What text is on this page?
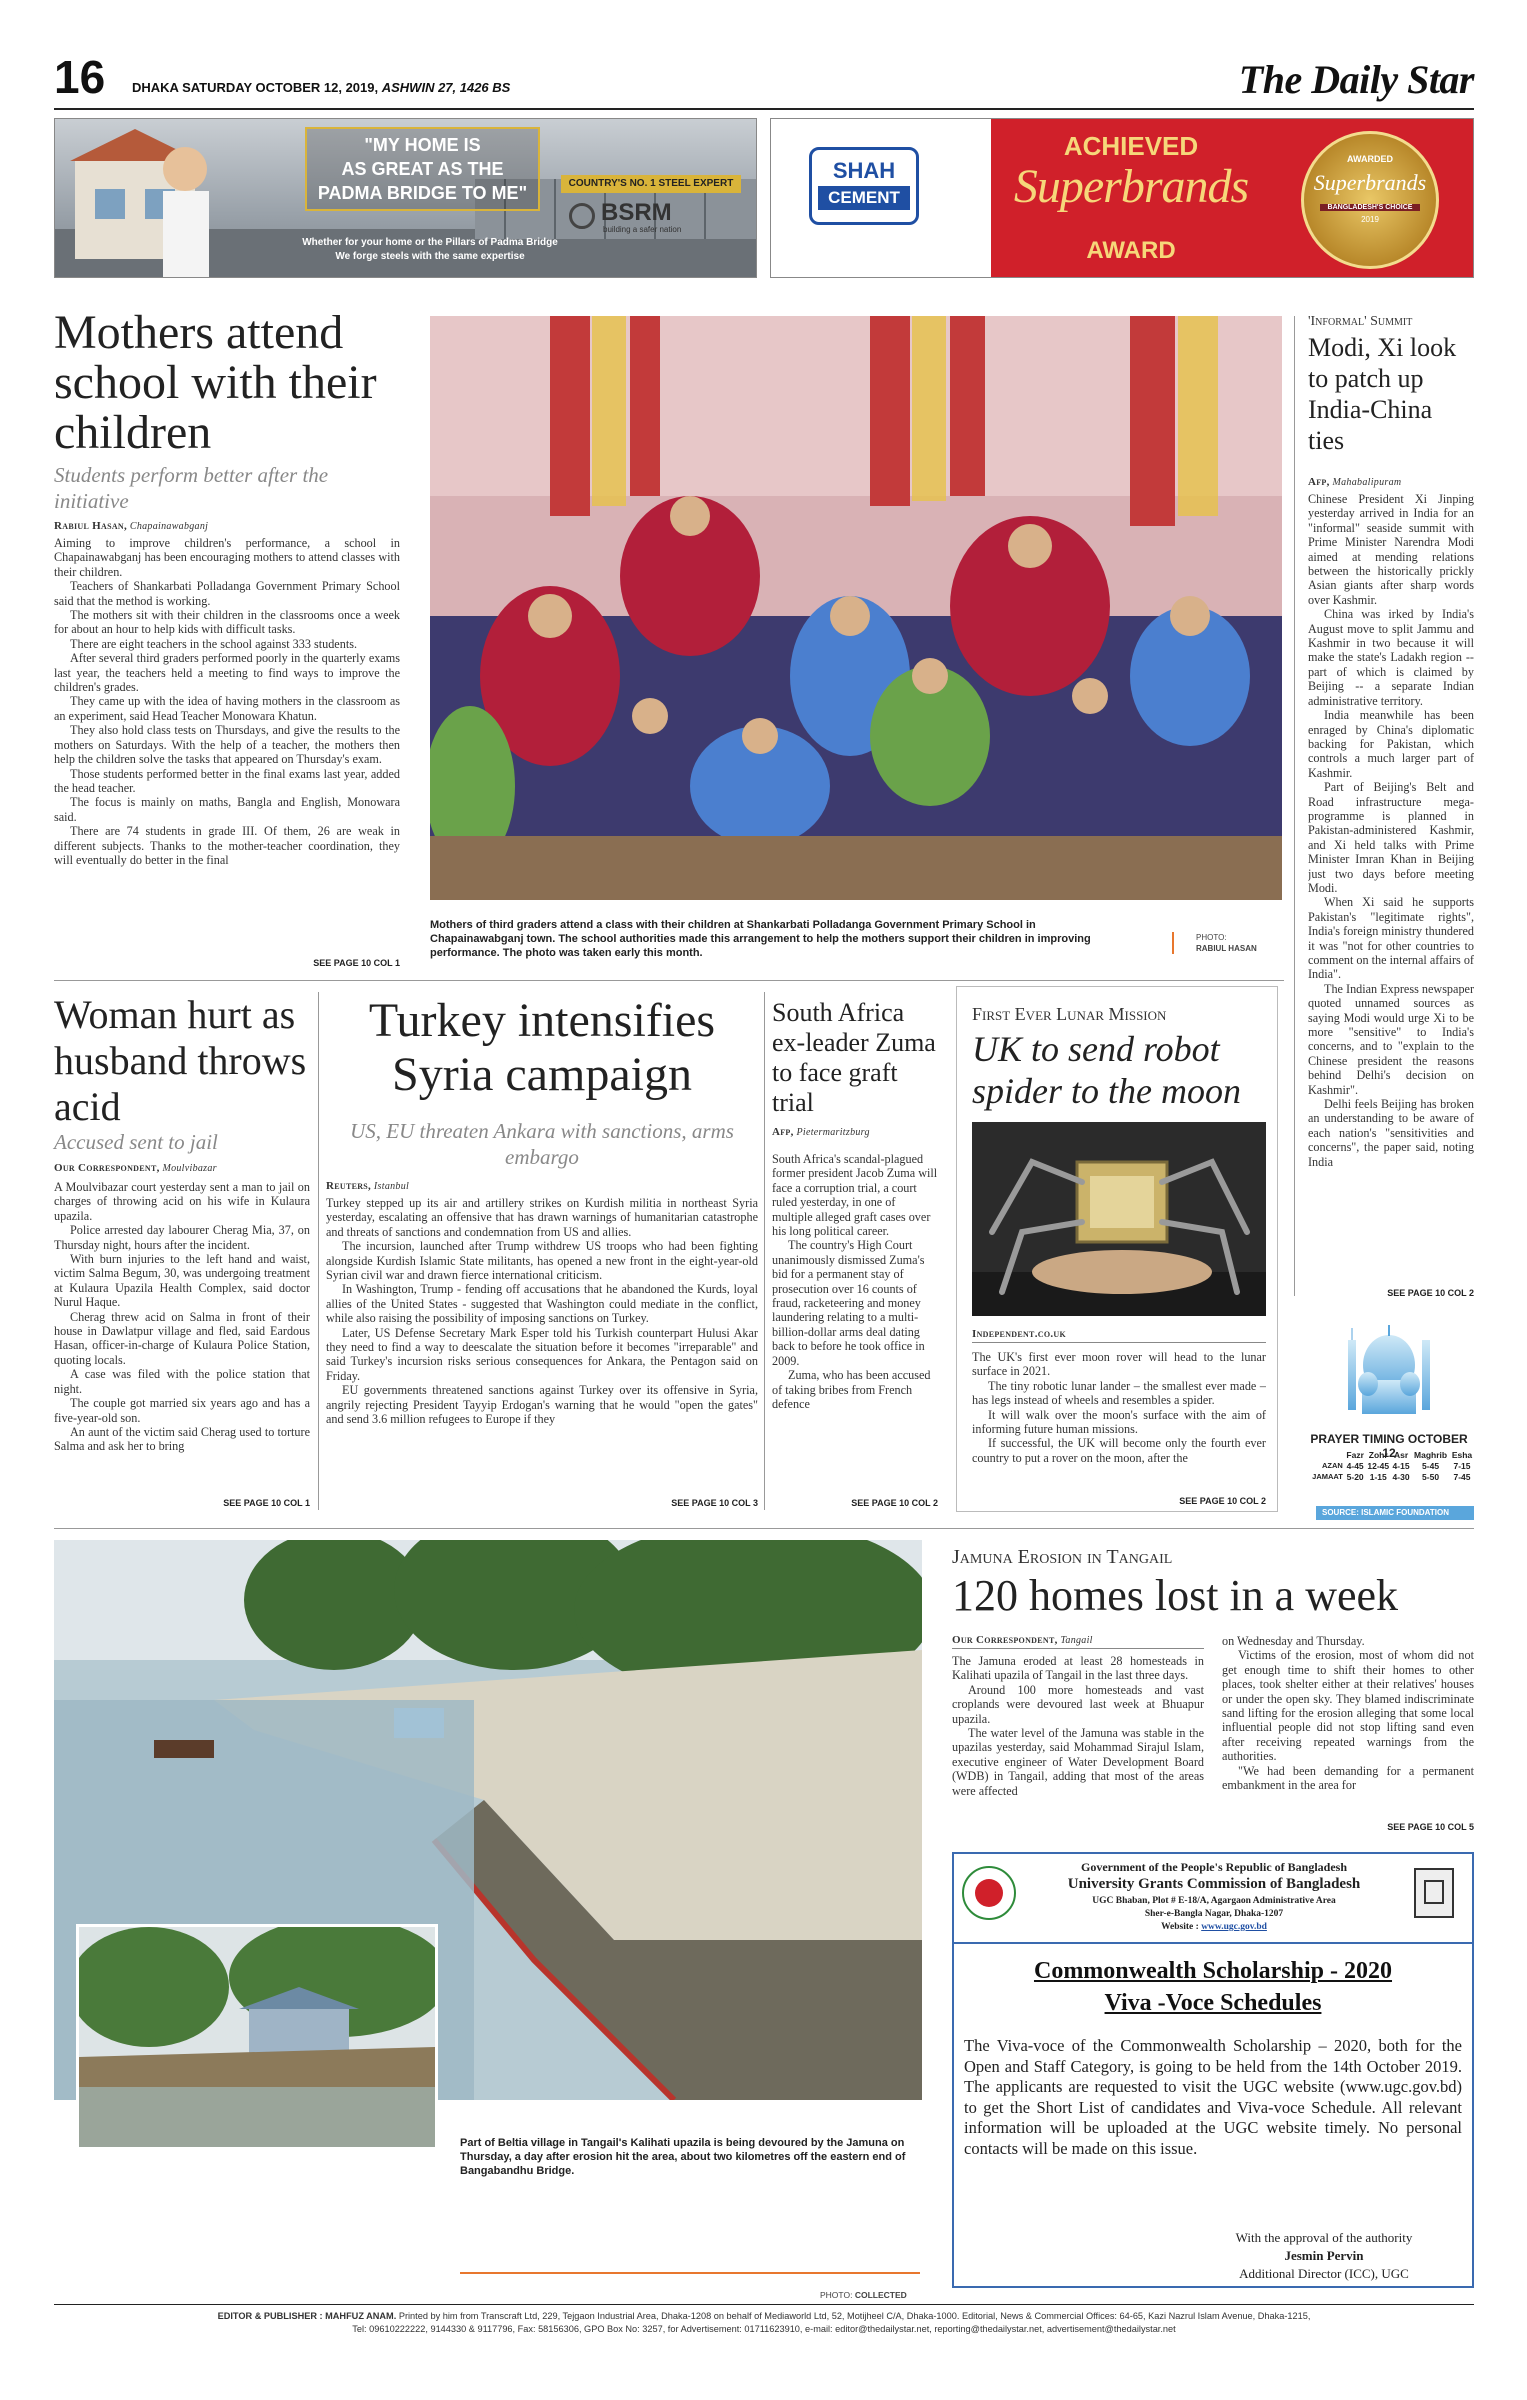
16 DHAKA SATURDAY OCTOBER 12, 2019, ASHWIN 27, 1426 BS	The Daily Star
"MY HOME IS
AS GREAT AS THE
PADMA BRIDGE TO ME"	COUNTRY'S NO. 1 STEEL EXPERT
BSRM
building a safer nation
Whether for your home or the Pillars of Padma Bridge
We forge steels with the same expertise
SHAH
CEMENT
ACHIEVED
Superbrands
AWARD
AWARDED
Superbrands
BANGLADESH'S CHOICE
2019
Mothers attend school with their children
Students perform better after the initiative
Rabiul Hasan, Chapainawabganj

Aiming to improve children's performance, a school in Chapainawabganj has been encouraging mothers to attend classes with their children.

Teachers of Shankarbati Polladanga Government Primary School said that the method is working.

The mothers sit with their children in the classrooms once a week for about an hour to help kids with difficult tasks.

There are eight teachers in the school against 333 students.

After several third graders performed poorly in the quarterly exams last year, the teachers held a meeting to find ways to improve the children's grades.

They came up with the idea of having mothers in the classroom as an experiment, said Head Teacher Monowara Khatun.

They also hold class tests on Thursdays, and give the results to the mothers on Saturdays. With the help of a teacher, the mothers then help the children solve the tasks that appeared on Thursday's exam.

Those students performed better in the final exams last year, added the head teacher.

The focus is mainly on maths, Bangla and English, Monowara said.

There are 74 students in grade III. Of them, 26 are weak in different subjects. Thanks to the mother-teacher coordination, they will eventually do better in the final

SEE PAGE 10 COL 1
Mothers of third graders attend a class with their children at Shankarbati Polladanga Government Primary School in Chapainawabganj town. The school authorities made this arrangement to help the mothers support their children in improving performance. The photo was taken early this month.
PHOTO:
RABIUL HASAN
'Informal' Summit
Modi, Xi look to patch up India-China ties
Afp, Mahabalipuram

Chinese President Xi Jinping yesterday arrived in India for an "informal" seaside summit with Prime Minister Narendra Modi aimed at mending relations between the historically prickly Asian giants after sharp words over Kashmir.

China was irked by India's August move to split Jammu and Kashmir in two because it will make the state's Ladakh region -- part of which is claimed by Beijing -- a separate Indian administrative territory.

India meanwhile has been enraged by China's diplomatic backing for Pakistan, which controls a much larger part of Kashmir.

Part of Beijing's Belt and Road infrastructure mega-programme is planned in Pakistan-administered Kashmir, and Xi held talks with Prime Minister Imran Khan in Beijing just two days before meeting Modi.

When Xi said he supports Pakistan's "legitimate rights", India's foreign ministry thundered it was "not for other countries to comment on the internal affairs of India".

The Indian Express newspaper quoted unnamed sources as saying Modi would urge Xi to be more "sensitive" to India's concerns, and to "explain to the Chinese president the reasons behind Delhi's decision on Kashmir".

Delhi feels Beijing has broken an understanding to be aware of each nation's "sensitivities and concerns", the paper said, noting India

SEE PAGE 10 COL 2
Woman hurt as husband throws acid
Accused sent to jail
Our Correspondent, Moulvibazar

A Moulvibazar court yesterday sent a man to jail on charges of throwing acid on his wife in Kulaura upazila.

Police arrested day labourer Cherag Mia, 37, on Thursday night, hours after the incident.

With burn injuries to the left hand and waist, victim Salma Begum, 30, was undergoing treatment at Kulaura Upazila Health Complex, said doctor Nurul Haque.

Cherag threw acid on Salma in front of their house in Dawlatpur village and fled, said Eardous Hasan, officer-in-charge of Kulaura Police Station, quoting locals.

A case was filed with the police station that night.

The couple got married six years ago and has a five-year-old son.

An aunt of the victim said Cherag used to torture Salma and ask her to bring

SEE PAGE 10 COL 1
Turkey intensifies Syria campaign
US, EU threaten Ankara with sanctions, arms embargo
Reuters, Istanbul

Turkey stepped up its air and artillery strikes on Kurdish militia in northeast Syria yesterday, escalating an offensive that has drawn warnings of humanitarian catastrophe and threats of sanctions and condemnation from US and allies.

The incursion, launched after Trump withdrew US troops who had been fighting alongside Kurdish Islamic State militants, has opened a new front in the eight-year-old Syrian civil war and drawn fierce international criticism.

In Washington, Trump - fending off accusations that he abandoned the Kurds, loyal allies of the United States - suggested that Washington could mediate in the conflict, while also raising the possibility of imposing sanctions on Turkey.

Later, US Defense Secretary Mark Esper told his Turkish counterpart Hulusi Akar they need to find a way to deescalate the situation before it becomes "irreparable" and said Turkey's incursion risks serious consequences for Ankara, the Pentagon said on Friday.

EU governments threatened sanctions against Turkey over its offensive in Syria, angrily rejecting President Tayyip Erdogan's warning that he would "open the gates" and send 3.6 million refugees to Europe if they

SEE PAGE 10 COL 3
South Africa ex-leader Zuma to face graft trial
Afp, Pietermaritzburg

South Africa's scandal-plagued former president Jacob Zuma will face a corruption trial, a court ruled yesterday, in one of multiple alleged graft cases over his long political career.

The country's High Court unanimously dismissed Zuma's bid for a permanent stay of prosecution over 16 counts of fraud, racketeering and money laundering relating to a multi-billion-dollar arms deal dating back to before he took office in 2009.

Zuma, who has been accused of taking bribes from French defence

SEE PAGE 10 COL 2
First Ever Lunar Mission
UK to send robot spider to the moon
Independent.co.uk

The UK's first ever moon rover will head to the lunar surface in 2021.

The tiny robotic lunar lander – the smallest ever made – has legs instead of wheels and resembles a spider.

It will walk over the moon's surface with the aim of informing future human missions.

If successful, the UK will become only the fourth ever country to put a rover on the moon, after the

SEE PAGE 10 COL 2
PRAYER TIMING OCTOBER 12
	Fazr	Zohr	Asr	Maghrib	Esha
AZAN	4-45	12-45	4-15	5-45	7-15
JAMAAT	5-20	1-15	4-30	5-50	7-45
SOURCE: ISLAMIC FOUNDATION
Part of Beltia village in Tangail's Kalihati upazila is being devoured by the Jamuna on Thursday, a day after erosion hit the area, about two kilometres off the eastern end of Bangabandhu Bridge.
PHOTO: COLLECTED
Jamuna Erosion in Tangail
120 homes lost in a week
Our Correspondent, Tangail

The Jamuna eroded at least 28 homesteads in Kalihati upazila of Tangail in the last three days.

Around 100 more homesteads and vast croplands were devoured last week at Bhuapur upazila.

The water level of the Jamuna was stable in the upazilas yesterday, said Mohammad Sirajul Islam, executive engineer of Water Development Board (WDB) in Tangail, adding that most of the areas were affected

on Wednesday and Thursday.

Victims of the erosion, most of whom did not get enough time to shift their homes to other places, took shelter either at their relatives' houses or under the open sky. They blamed indiscriminate sand lifting for the erosion alleging that some local influential people did not stop lifting sand even after receiving repeated warnings from the authorities.

"We had been demanding for a permanent embankment in the area for

SEE PAGE 10 COL 5
Government of the People's Republic of Bangladesh
University Grants Commission of Bangladesh
UGC Bhaban, Plot # E-18/A, Agargaon Administrative Area
Sher-e-Bangla Nagar, Dhaka-1207
Website : www.ugc.gov.bd
Commonwealth Scholarship - 2020
Viva -Voce Schedules
The Viva-voce of the Commonwealth Scholarship – 2020, both for the Open and Staff Category, is going to be held from the 14th October 2019. The applicants are requested to visit the UGC website (www.ugc.gov.bd) to get the Short List of candidates and Viva-voce Schedule. All relevant information will be uploaded at the UGC website timely. No personal contacts will be made on this issue.
With the approval of the authority
Jesmin Pervin
Additional Director (ICC), UGC
EDITOR & PUBLISHER : MAHFUZ ANAM. Printed by him from Transcraft Ltd, 229, Tejgaon Industrial Area, Dhaka-1208 on behalf of Mediaworld Ltd, 52, Motijheel C/A, Dhaka-1000. Editorial, News & Commercial Offices: 64-65, Kazi Nazrul Islam Avenue, Dhaka-1215,
Tel: 09610222222, 9144330 & 9117796, Fax: 58156306, GPO Box No: 3257, for Advertisement: 01711623910, e-mail: editor@thedailystar.net, reporting@thedailystar.net, advertisement@thedailystar.net
